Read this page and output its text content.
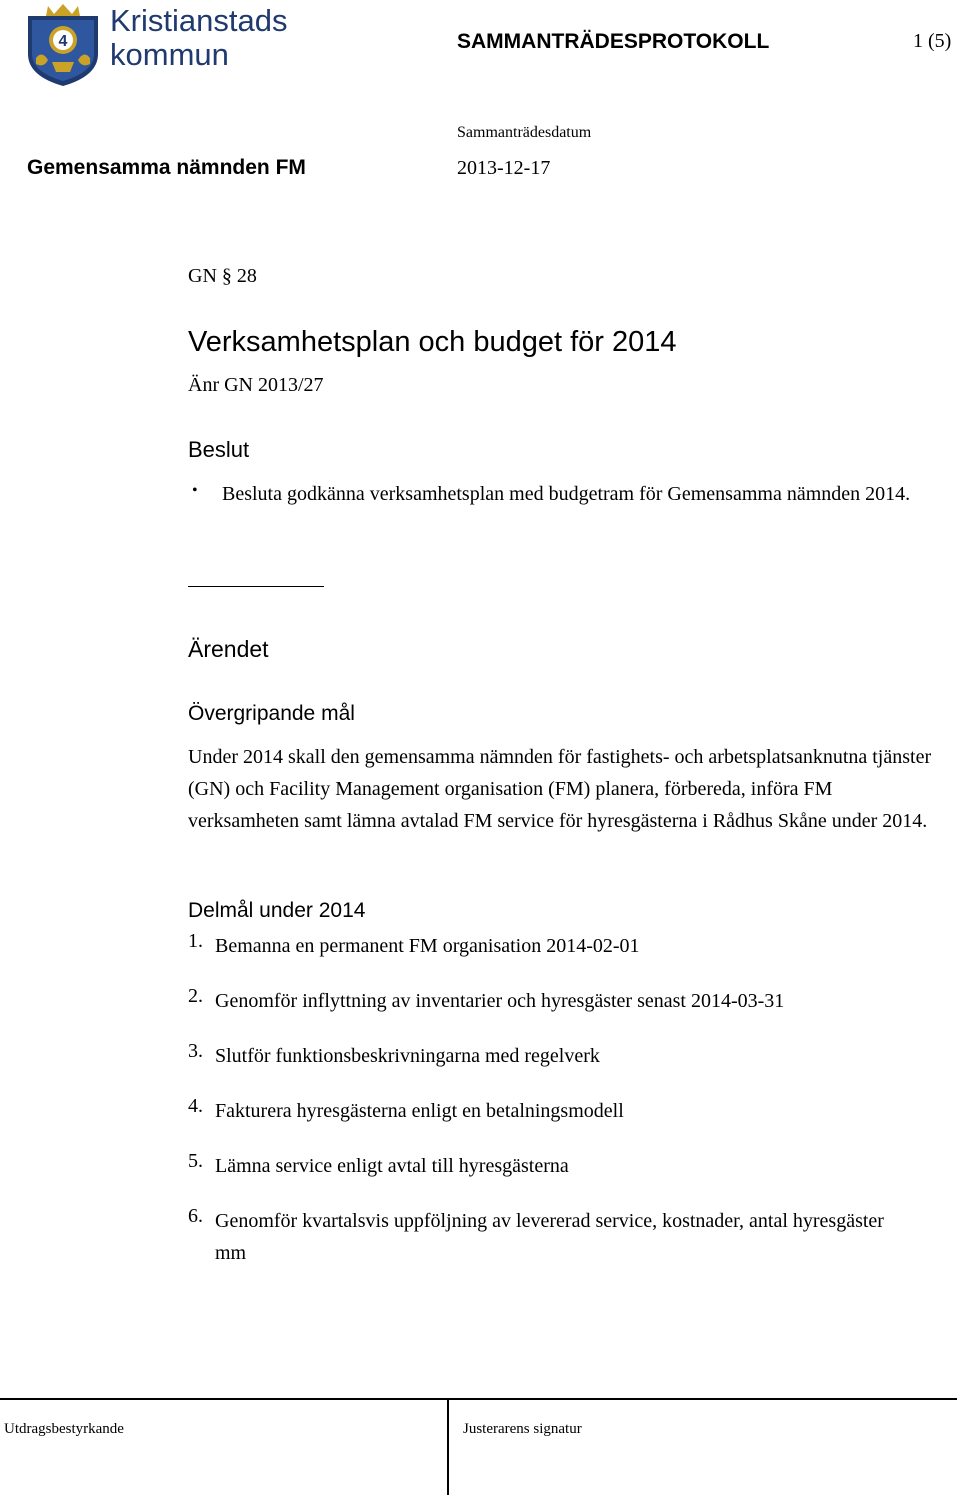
4
Kristianstads
kommun	SAMMANTRÄDESPROTOKOLL	1 (5)
Sammanträdesdatum
Gemensamma nämnden FM	2013-12-17
GN § 28
Verksamhetsplan och budget för 2014
Änr GN 2013/27
Beslut
• Besluta godkänna verksamhetsplan med budgetram för Gemensamma nämnden 2014.
Ärendet
Övergripande mål
Under 2014 skall den gemensamma nämnden för fastighets- och arbetsplatsanknutna tjänster (GN) och Facility Management organisation (FM) planera, förbereda, införa FM verksamheten samt lämna avtalad FM service för hyresgästerna i Rådhus Skåne under 2014.
Delmål under 2014
1. Bemanna en permanent FM organisation 2014-02-01
2. Genomför inflyttning av inventarier och hyresgäster senast 2014-03-31
3. Slutför funktionsbeskrivningarna med regelverk
4. Fakturera hyresgästerna enligt en betalningsmodell
5. Lämna service enligt avtal till hyresgästerna
6. Genomför kvartalsvis uppföljning av levererad service, kostnader, antal hyresgäster mm
Utdragsbestyrkande	Justerarens signatur
